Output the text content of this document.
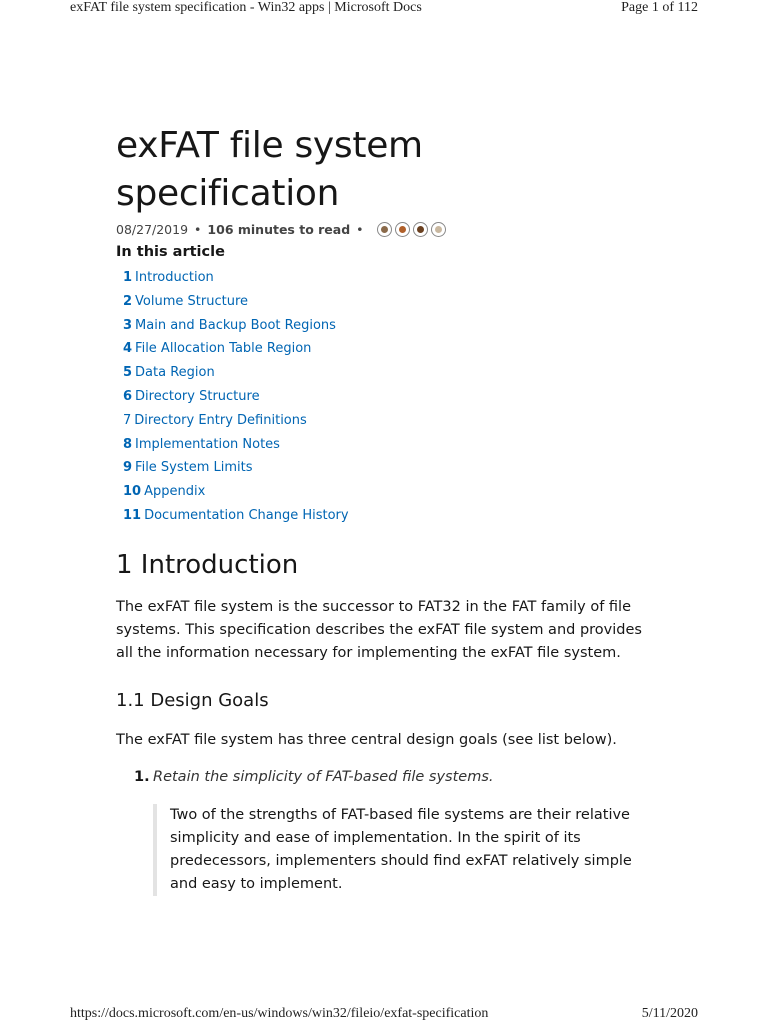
exFAT file system specification - Win32 apps | Microsoft Docs	Page 1 of 112
exFAT file system specification
08/27/2019 • 106 minutes to read •
In this article
1 Introduction
2 Volume Structure
3 Main and Backup Boot Regions
4 File Allocation Table Region
5 Data Region
6 Directory Structure
7 Directory Entry Definitions
8 Implementation Notes
9 File System Limits
10 Appendix
11 Documentation Change History
1 Introduction

The exFAT file system is the successor to FAT32 in the FAT family of file systems. This specification describes the exFAT file system and provides all the information necessary for implementing the exFAT file system.

1.1 Design Goals

The exFAT file system has three central design goals (see list below).

1. Retain the simplicity of FAT-based file systems.
Two of the strengths of FAT-based file systems are their relative simplicity and ease of implementation. In the spirit of its predecessors, implementers should find exFAT relatively simple and easy to implement.
https://docs.microsoft.com/en-us/windows/win32/fileio/exfat-specification	5/11/2020
